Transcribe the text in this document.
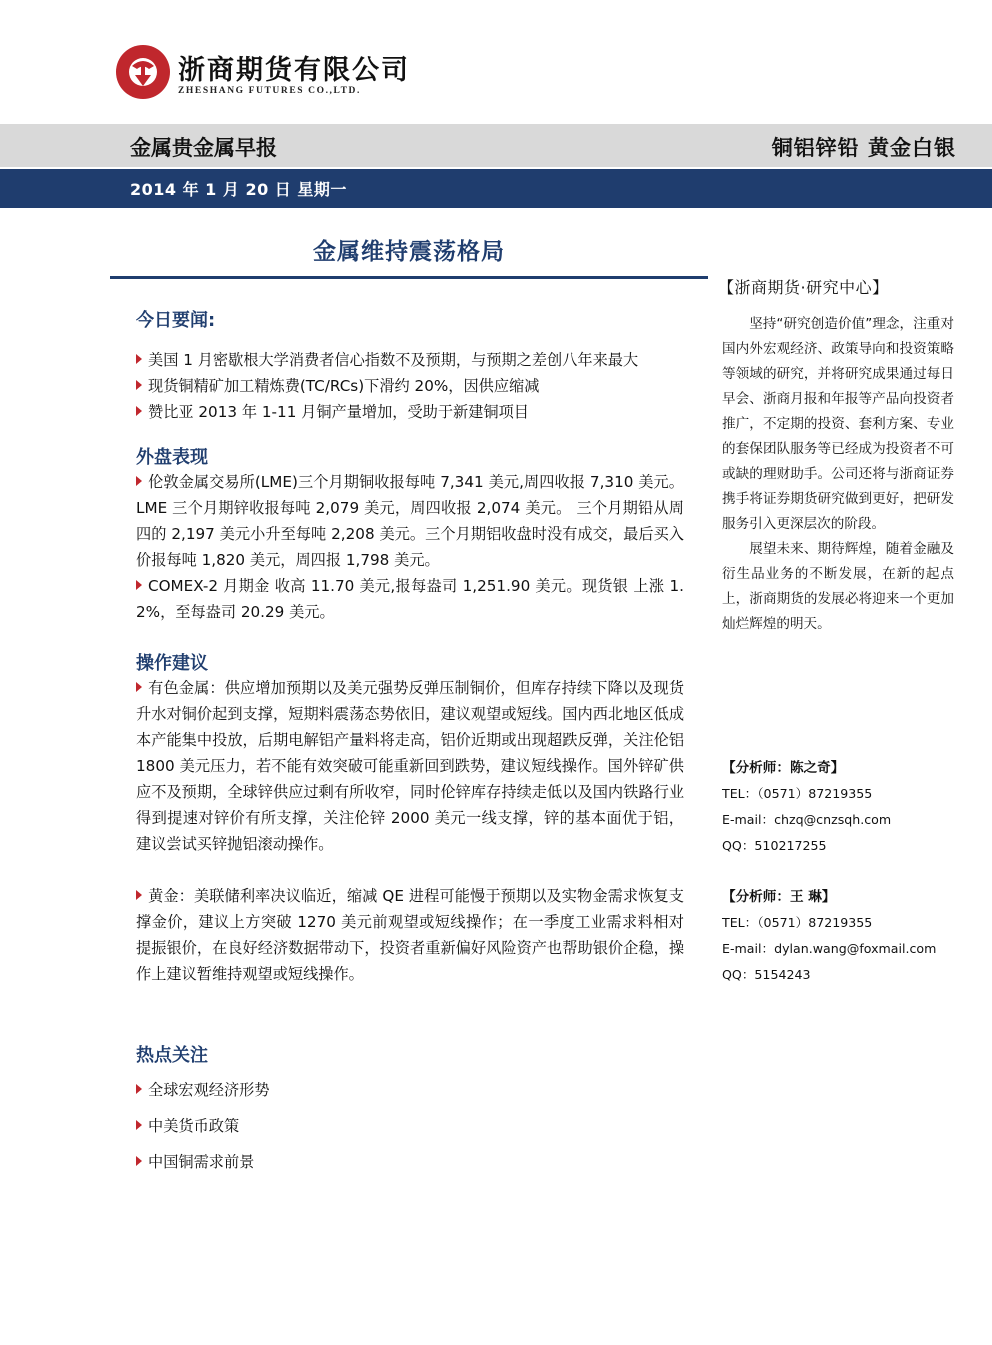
浙商期货有限公司
ZHESHANG FUTURES CO.,LTD.
金属贵金属早报	铜铝锌铅 黄金白银
2014 年 1 月 20 日 星期一
金属维持震荡格局
今日要闻:

美国 1 月密歇根大学消费者信心指数不及预期，与预期之差创八年来最大

现货铜精矿加工精炼费(TC/RCs)下滑约 20%，因供应缩减

赞比亚 2013 年 1-11 月铜产量增加，受助于新建铜项目

外盘表现

伦敦金属交易所(LME)三个月期铜收报每吨 7,341 美元,周四收报 7,310 美元。LME 三个月期锌收报每吨 2,079 美元，周四收报 2,074 美元。 三个月期铅从周四的 2,197 美元小升至每吨 2,208 美元。三个月期铝收盘时没有成交，最后买入价报每吨 1,820 美元，周四报 1,798 美元。

COMEX-2 月期金 收高 11.70 美元,报每盎司 1,251.90 美元。现货银 上涨 1.2%，至每盎司 20.29 美元。

操作建议

有色金属：供应增加预期以及美元强势反弹压制铜价，但库存持续下降以及现货升水对铜价起到支撑，短期料震荡态势依旧，建议观望或短线。国内西北地区低成本产能集中投放，后期电解铝产量料将走高，铝价近期或出现超跌反弹，关注伦铝 1800 美元压力，若不能有效突破可能重新回到跌势，建议短线操作。国外锌矿供应不及预期，全球锌供应过剩有所收窄，同时伦锌库存持续走低以及国内铁路行业得到提速对锌价有所支撑，关注伦锌 2000 美元一线支撑，锌的基本面优于铝，建议尝试买锌抛铝滚动操作。

黄金：美联储利率决议临近，缩减 QE 进程可能慢于预期以及实物金需求恢复支撑金价，建议上方突破 1270 美元前观望或短线操作；在一季度工业需求料相对提振银价，在良好经济数据带动下，投资者重新偏好风险资产也帮助银价企稳，操作上建议暂维持观望或短线操作。

热点关注

全球宏观经济形势

中美货币政策

中国铜需求前景

【浙商期货·研究中心】

坚持“研究创造价值”理念，注重对国内外宏观经济、政策导向和投资策略等领域的研究，并将研究成果通过每日早会、浙商月报和年报等产品向投资者推广，不定期的投资、套利方案、专业的套保团队服务等已经成为投资者不可或缺的理财助手。公司还将与浙商证券携手将证券期货研究做到更好，把研发服务引入更深层次的阶段。

展望未来、期待辉煌，随着金融及衍生品业务的不断发展，在新的起点上，浙商期货的发展必将迎来一个更加灿烂辉煌的明天。

【分析师：陈之奇】
TEL：（0571）87219355
E-mail：chzq@cnzsqh.com
QQ：510217255
【分析师：王 琳】
TEL：（0571）87219355
E-mail：dylan.wang@foxmail.com
QQ：5154243
